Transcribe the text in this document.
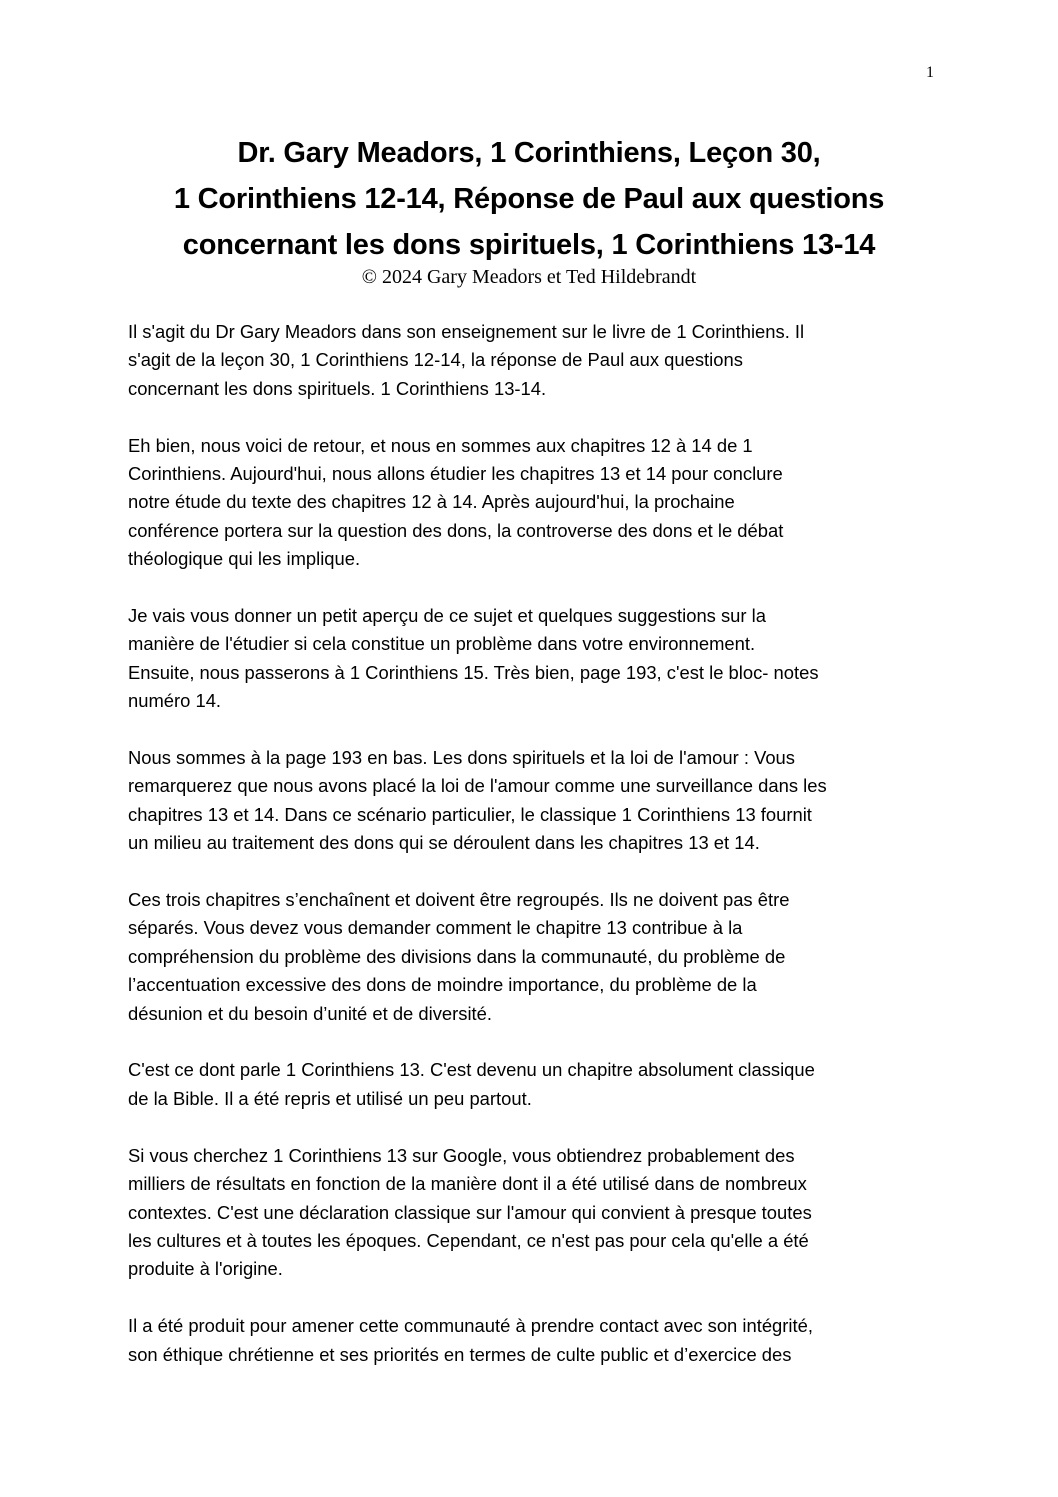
1
Dr. Gary Meadors, 1 Corinthiens, Leçon 30,
1 Corinthiens 12-14, Réponse de Paul aux questions
concernant les dons spirituels, 1 Corinthiens 13-14
© 2024 Gary Meadors et Ted Hildebrandt

Il s'agit du Dr Gary Meadors dans son enseignement sur le livre de 1 Corinthiens. Il
s'agit de la leçon 30, 1 Corinthiens 12-14, la réponse de Paul aux questions
concernant les dons spirituels. 1 Corinthiens 13-14.

Eh bien, nous voici de retour, et nous en sommes aux chapitres 12 à 14 de 1
Corinthiens. Aujourd'hui, nous allons étudier les chapitres 13 et 14 pour conclure
notre étude du texte des chapitres 12 à 14. Après aujourd'hui, la prochaine
conférence portera sur la question des dons, la controverse des dons et le débat
théologique qui les implique.

Je vais vous donner un petit aperçu de ce sujet et quelques suggestions sur la
manière de l'étudier si cela constitue un problème dans votre environnement.
Ensuite, nous passerons à 1 Corinthiens 15. Très bien, page 193, c'est le bloc- notes
numéro 14.

Nous sommes à la page 193 en bas. Les dons spirituels et la loi de l'amour : Vous
remarquerez que nous avons placé la loi de l'amour comme une surveillance dans les
chapitres 13 et 14. Dans ce scénario particulier, le classique 1 Corinthiens 13 fournit
un milieu au traitement des dons qui se déroulent dans les chapitres 13 et 14.

Ces trois chapitres s’enchaînent et doivent être regroupés. Ils ne doivent pas être
séparés. Vous devez vous demander comment le chapitre 13 contribue à la
compréhension du problème des divisions dans la communauté, du problème de
l’accentuation excessive des dons de moindre importance, du problème de la
désunion et du besoin d’unité et de diversité.

C'est ce dont parle 1 Corinthiens 13. C'est devenu un chapitre absolument classique
de la Bible. Il a été repris et utilisé un peu partout.

Si vous cherchez 1 Corinthiens 13 sur Google, vous obtiendrez probablement des
milliers de résultats en fonction de la manière dont il a été utilisé dans de nombreux
contextes. C'est une déclaration classique sur l'amour qui convient à presque toutes
les cultures et à toutes les époques. Cependant, ce n'est pas pour cela qu'elle a été
produite à l'origine.

Il a été produit pour amener cette communauté à prendre contact avec son intégrité,
son éthique chrétienne et ses priorités en termes de culte public et d’exercice des
